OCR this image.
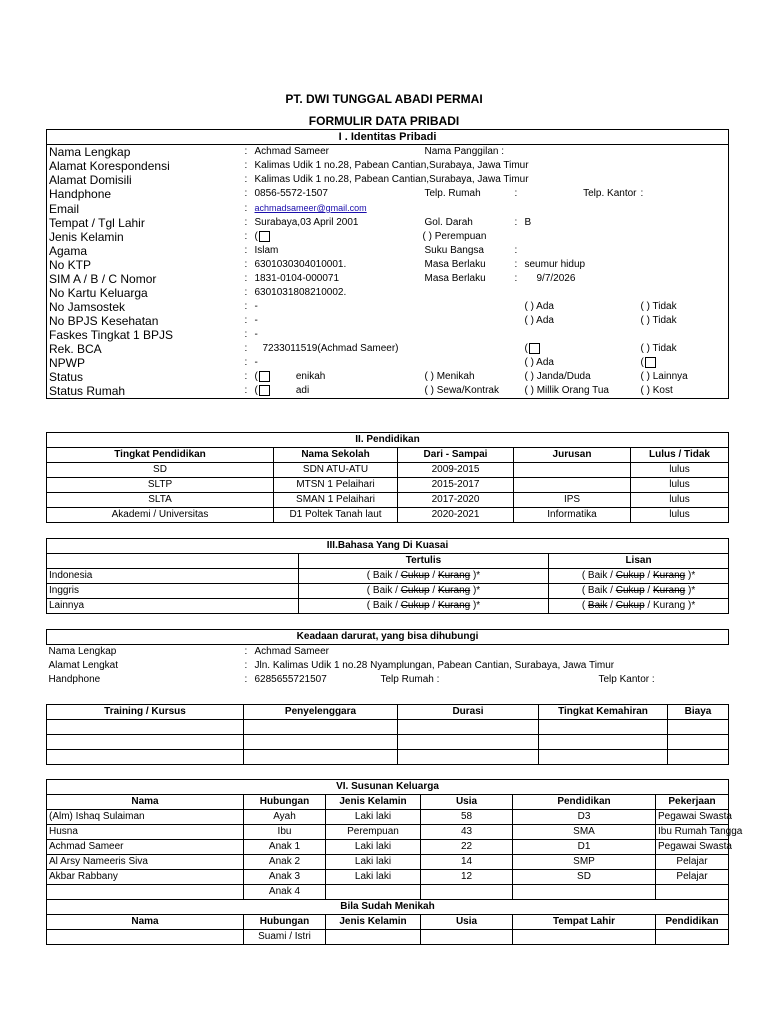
PT. DWI TUNGGAL ABADI PERMAI
FORMULIR DATA PRIBADI
I . Identitas Pribadi						
Nama Lengkap	:	Achmad Sameer	Nama Panggilan :			
Alamat Korespondensi	:	Kalimas Udik 1 no.28, Pabean Cantian,Surabaya, Jawa Timur				
Alamat Domisili	:	Kalimas Udik 1 no.28, Pabean Cantian,Surabaya, Jawa Timur				
Handphone	:	0856-5572-1507	Telp. Rumah	:	Telp. Kantor	:
Email	:	achmadsameer@gmail.com				
Tempat / Tgl Lahir	:	Surabaya,03 April 2001	Gol. Darah	:	B	
Jenis Kelamin	:	(	( ) Perempuan			
Agama	:	Islam	Suku Bangsa	:		
No KTP	:	6301030304010001.	Masa Berlaku	:	seumur hidup	
SIM A / B / C Nomor	:	1831-0104-000071	Masa Berlaku	:	9/7/2026	
No Kartu Keluarga	:	6301031808210002.				
No Jamsostek	:	-			( ) Ada	( ) Tidak
No BPJS Kesehatan	:	-			( ) Ada	( ) Tidak
Faskes Tingkat 1 BPJS	:	-				
Rek. BCA	:	7233011519(Achmad Sameer)			(	( ) Tidak
NPWP	:	-			( ) Ada	(
Status	:	( enikah	( ) Menikah		( ) Janda/Duda	( ) Lainnya
Status Rumah	:	( adi	( ) Sewa/Kontrak		( ) Millik Orang Tua	( ) Kost
II. Pendidikan				
Tingkat Pendidikan	Nama Sekolah	Dari - Sampai	Jurusan	Lulus / Tidak
SD	SDN ATU-ATU	2009-2015		lulus
SLTP	MTSN 1 Pelaihari	2015-2017		lulus
SLTA	SMAN 1 Pelaihari	2017-2020	IPS	lulus
Akademi / Universitas	D1 Poltek Tanah laut	2020-2021	Informatika	lulus
III.Bahasa Yang Di Kuasai		
	Tertulis	Lisan
Indonesia	( Baik / Cukup / Kurang )*	( Baik / Cukup / Kurang )*
Inggris	( Baik / Cukup / Kurang )*	( Baik / Cukup / Kurang )*
Lainnya	( Baik / Cukup / Kurang )*	( Baik / Cukup / Kurang )*
Keadaan darurat, yang bisa dihubungi				
Nama Lengkap	:	Achmad Sameer		
Alamat Lengkat	:	Jln. Kalimas Udik 1 no.28 Nyamplungan, Pabean Cantian, Surabaya, Jawa Timur		
Handphone	:	6285655721507	Telp Rumah :	Telp Kantor :
Training / Kursus	Penyelenggara	Durasi	Tingkat Kemahiran	Biaya

VI. Susunan Keluarga					
Nama	Hubungan	Jenis Kelamin	Usia	Pendidikan	Pekerjaan
(Alm) Ishaq Sulaiman	Ayah	Laki laki	58	D3	Pegawai Swasta
Husna	Ibu	Perempuan	43	SMA	Ibu Rumah Tangga
Achmad Sameer	Anak 1	Laki laki	22	D1	Pegawai Swasta
Al Arsy Nameeris Siva	Anak 2	Laki laki	14	SMP	Pelajar
Akbar Rabbany	Anak 3	Laki laki	12	SD	Pelajar
	Anak 4				
Bila Sudah Menikah					
Nama	Hubungan	Jenis Kelamin	Usia	Tempat Lahir	Pendidikan
	Suami / Istri				
